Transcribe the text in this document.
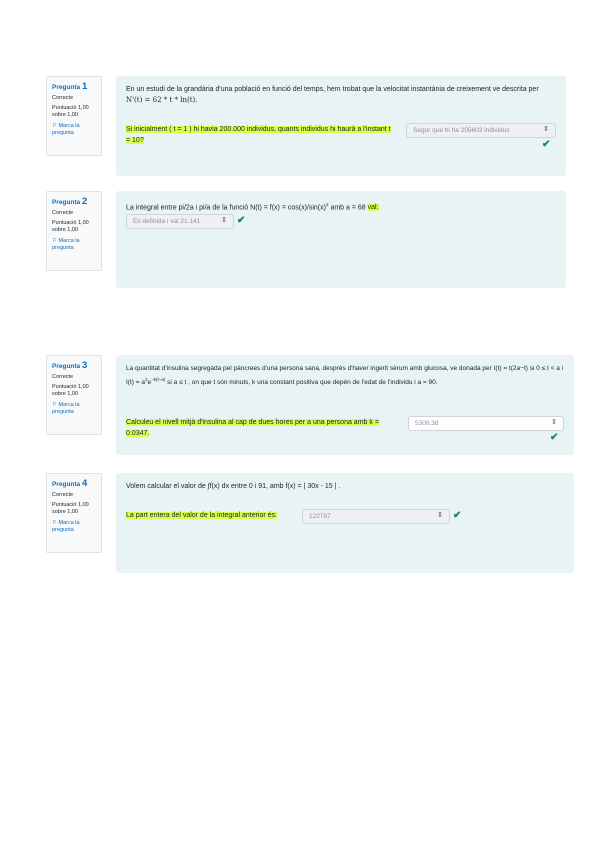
Pregunta 1
Correcte
Puntuació 1,00 sobre 1,00
⚐ Marca la pregunta
En un estudi de la grandària d'una població en funció del temps, hem trobat que la velocitat instantània de creixement ve descrita per N'(t) = 62 * t * ln(t).
Si inicialment ( t = 1 ) hi havia 200.000 individus, quants individus hi haurà a l'instant t = 10?
Segur que hi ha 205603 individus	⇕
✔
Pregunta 2
Correcte
Puntuació 1,00 sobre 1,00
⚐ Marca la pregunta
La integral entre pi/2a i pi/a de la funció $N(t) = f(x) = \cos(x)/\sin(x)^2$ amb a = 68 val:
Es definida i val 21.141	⇕ ✔
Pregunta 3
Correcte
Puntuació 1,00 sobre 1,00
⚐ Marca la pregunta
La quantitat d'insulina segregada pel pàncrees d'una persona sana, després d'haver ingerit sèrum amb glucosa, ve donada per I(t) = t(2a−t) si 0 ≤ t < a i $I(t) = a^2e^{-k(t-a)}$ si a ≤ t , on que t són minuts, k una constant positiva que depèn de l'edat de l'individu i a = 90.
Calculeu el nivell mitjà d'insulina al cap de dues hores per a una persona amb k = 0.0347.
5308.38	⇕
✔
Pregunta 4
Correcte
Puntuació 1,00 sobre 1,00
⚐ Marca la pregunta
Volem calcular el valor de ∫f(x) dx entre 0 i 91, amb f(x) = | 30x - 15 | .
La part entera del valor de la integral anterior és:	122787	⇕ ✔
